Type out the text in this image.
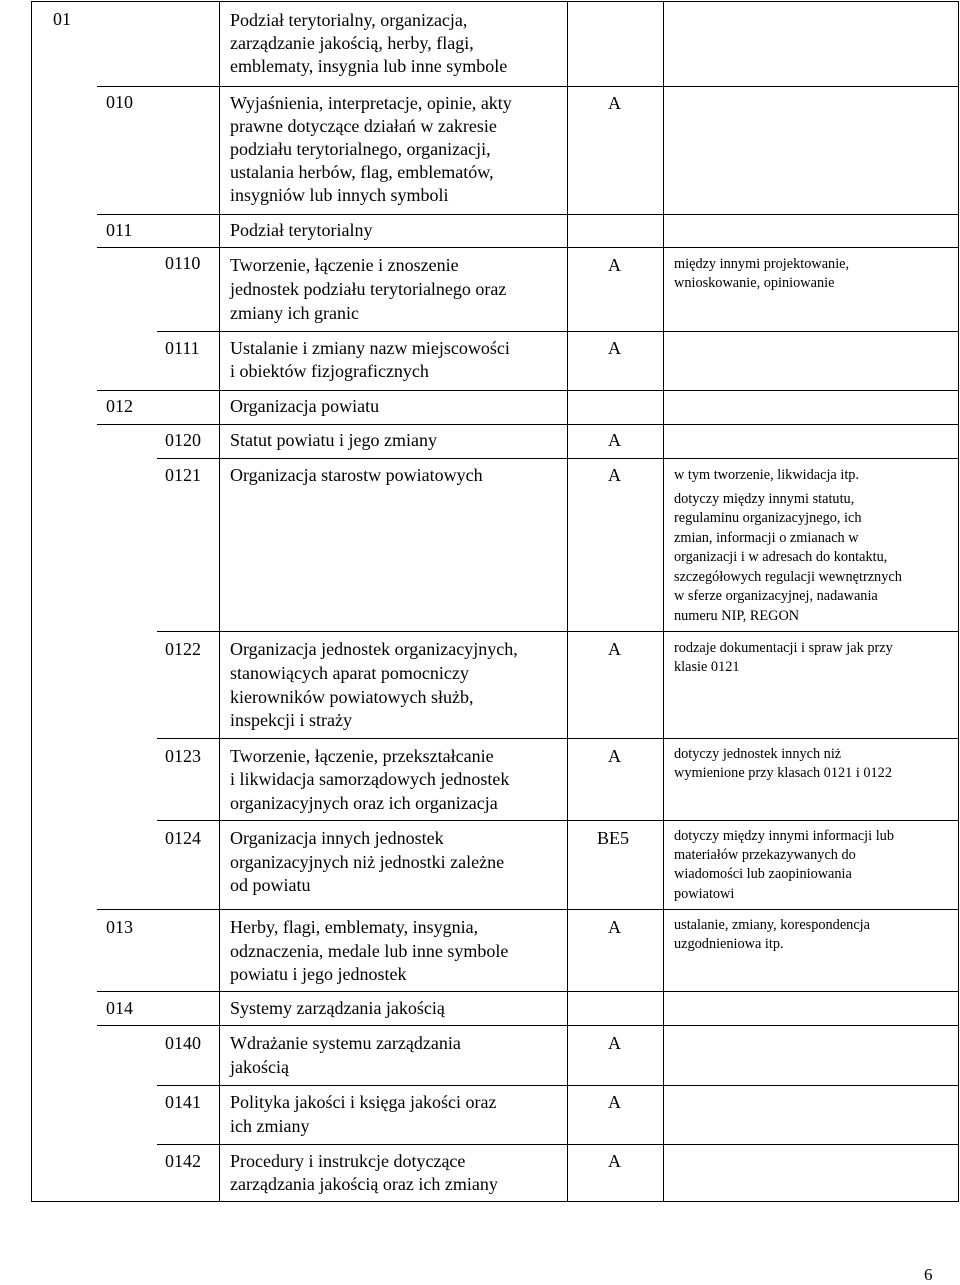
01	Podział terytorialny, organizacja,
zarządzanie jakością, herby, flagi,
emblematy, insygnia lub inne symbole
010	Wyjaśnienia, interpretacje, opinie, akty
prawne dotyczące działań w zakresie
podziału terytorialnego, organizacji,
ustalania herbów, flag, emblematów,
insygniów lub innych symboli
A
011	Podział terytorialny
0110 Tworzenie, łączenie i znoszenie
jednostek podziału terytorialnego oraz
zmiany ich granic
A	między innymi projektowanie,
wnioskowanie, opiniowanie
0111 Ustalanie i zmiany nazw miejscowości
i obiektów fizjograficznych
A
012	Organizacja powiatu
0120 Statut powiatu i jego zmiany	A
0121 Organizacja starostw powiatowych	A	w tym tworzenie, likwidacja itp.
dotyczy między innymi statutu,
regulaminu organizacyjnego, ich
zmian, informacji o zmianach w
organizacji i w adresach do kontaktu,
szczegółowych regulacji wewnętrznych
w sferze organizacyjnej, nadawania
numeru NIP, REGON
0122 Organizacja jednostek organizacyjnych,
stanowiących aparat pomocniczy
kierowników powiatowych służb,
inspekcji i straży
A	rodzaje dokumentacji i spraw jak przy
klasie 0121
0123 Tworzenie, łączenie, przekształcanie
i likwidacja samorządowych jednostek
organizacyjnych oraz ich organizacja
A	dotyczy jednostek innych niż
wymienione przy klasach 0121 i 0122
0124 Organizacja innych jednostek
organizacyjnych niż jednostki zależne
od powiatu
BE5	dotyczy między innymi informacji lub
materiałów przekazywanych do
wiadomości lub zaopiniowania
powiatowi
013	Herby, flagi, emblematy, insygnia,
odznaczenia, medale lub inne symbole
powiatu i jego jednostek
A	ustalanie, zmiany, korespondencja
uzgodnieniowa itp.
014	Systemy zarządzania jakością
0140 Wdrażanie systemu zarządzania
jakością
A
0141 Polityka jakości i księga jakości oraz
ich zmiany
A
0142 Procedury i instrukcje dotyczące
zarządzania jakością oraz ich zmiany
A
6
